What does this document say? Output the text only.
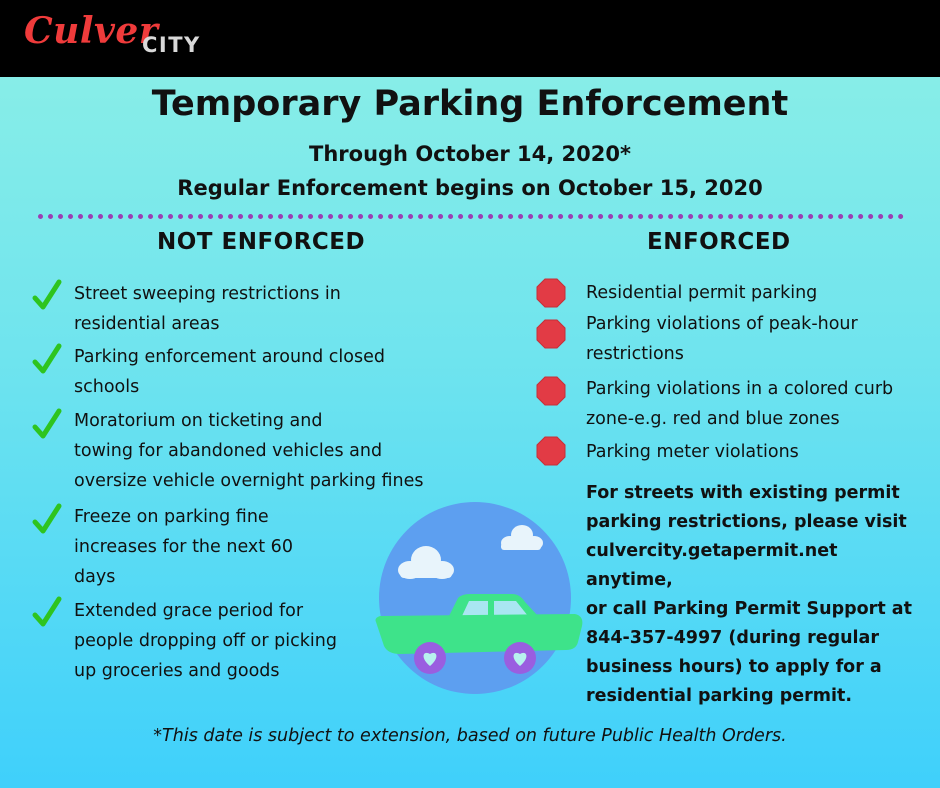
Culver
CITY
Temporary Parking Enforcement
Through October 14, 2020*
Regular Enforcement begins on October 15, 2020
NOT ENFORCED	ENFORCED
Street sweeping restrictions in
residential areas
Parking enforcement around closed
schools
Moratorium on ticketing and
towing for abandoned vehicles and
oversize vehicle overnight parking fines
Freeze on parking fine
increases for the next 60
days
Extended grace period for
people dropping off or picking
up groceries and goods
Residential permit parking
Parking violations of peak-hour
restrictions
Parking violations in a colored curb
zone-e.g. red and blue zones
Parking meter violations
For streets with existing permit
parking restrictions, please visit
culvercity.getapermit.net anytime,
or call Parking Permit Support at
844-357-4997 (during regular
business hours) to apply for a
residential parking permit.
*This date is subject to extension, based on future Public Health Orders.
